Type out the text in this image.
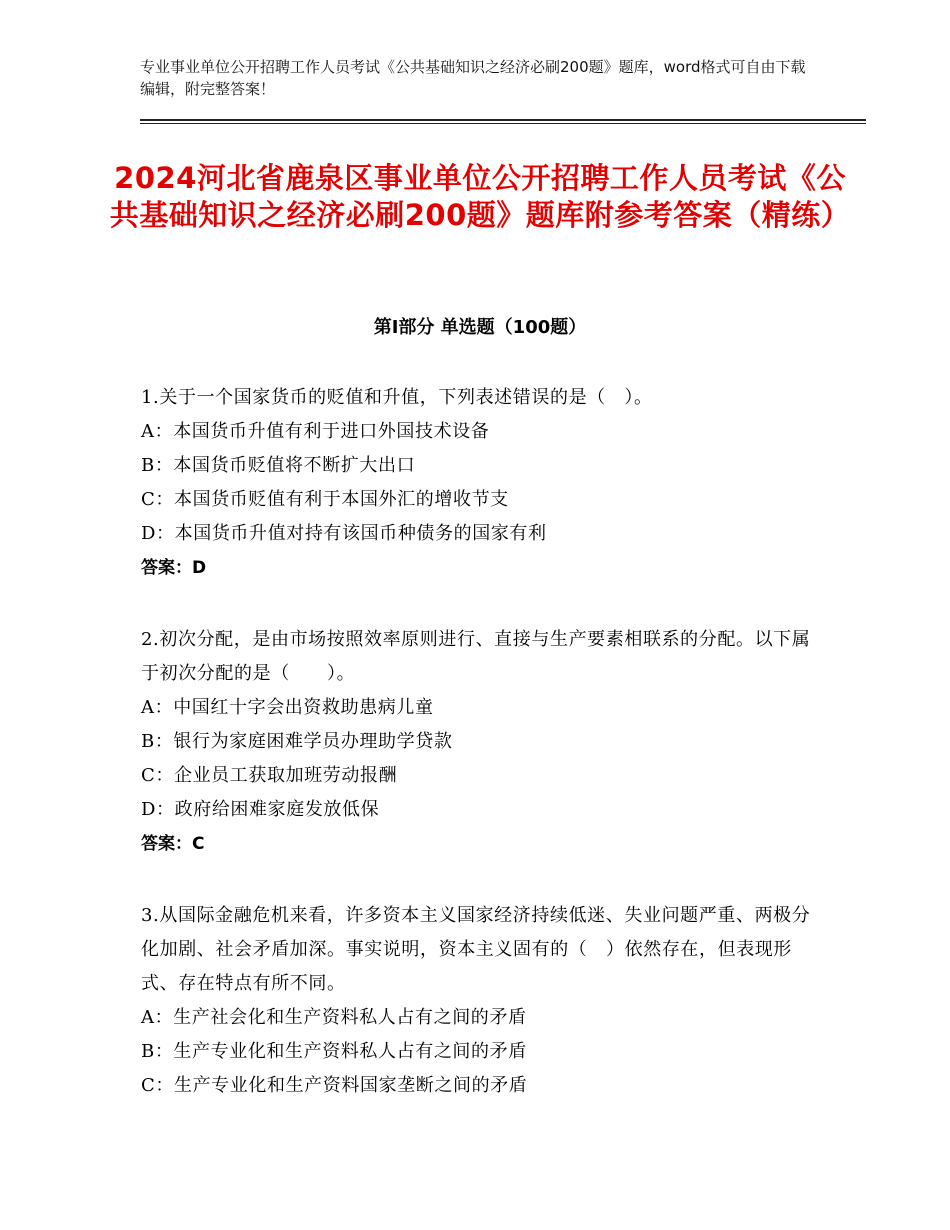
专业事业单位公开招聘工作人员考试《公共基础知识之经济必刷200题》题库，word格式可自由下载编辑，附完整答案！
2024河北省鹿泉区事业单位公开招聘工作人员考试《公共基础知识之经济必刷200题》题库附参考答案（精练）
第I部分 单选题（100题）
1.关于一个国家货币的贬值和升值，下列表述错误的是（　）。
A：本国货币升值有利于进口外国技术设备
B：本国货币贬值将不断扩大出口
C：本国货币贬值有利于本国外汇的增收节支
D：本国货币升值对持有该国币种债务的国家有利
答案：D
2.初次分配，是由市场按照效率原则进行、直接与生产要素相联系的分配。以下属于初次分配的是（　　）。
A：中国红十字会出资救助患病儿童
B：银行为家庭困难学员办理助学贷款
C：企业员工获取加班劳动报酬
D：政府给困难家庭发放低保
答案：C
3.从国际金融危机来看，许多资本主义国家经济持续低迷、失业问题严重、两极分化加剧、社会矛盾加深。事实说明，资本主义固有的（　）依然存在，但表现形式、存在特点有所不同。
A：生产社会化和生产资料私人占有之间的矛盾
B：生产专业化和生产资料私人占有之间的矛盾
C：生产专业化和生产资料国家垄断之间的矛盾
